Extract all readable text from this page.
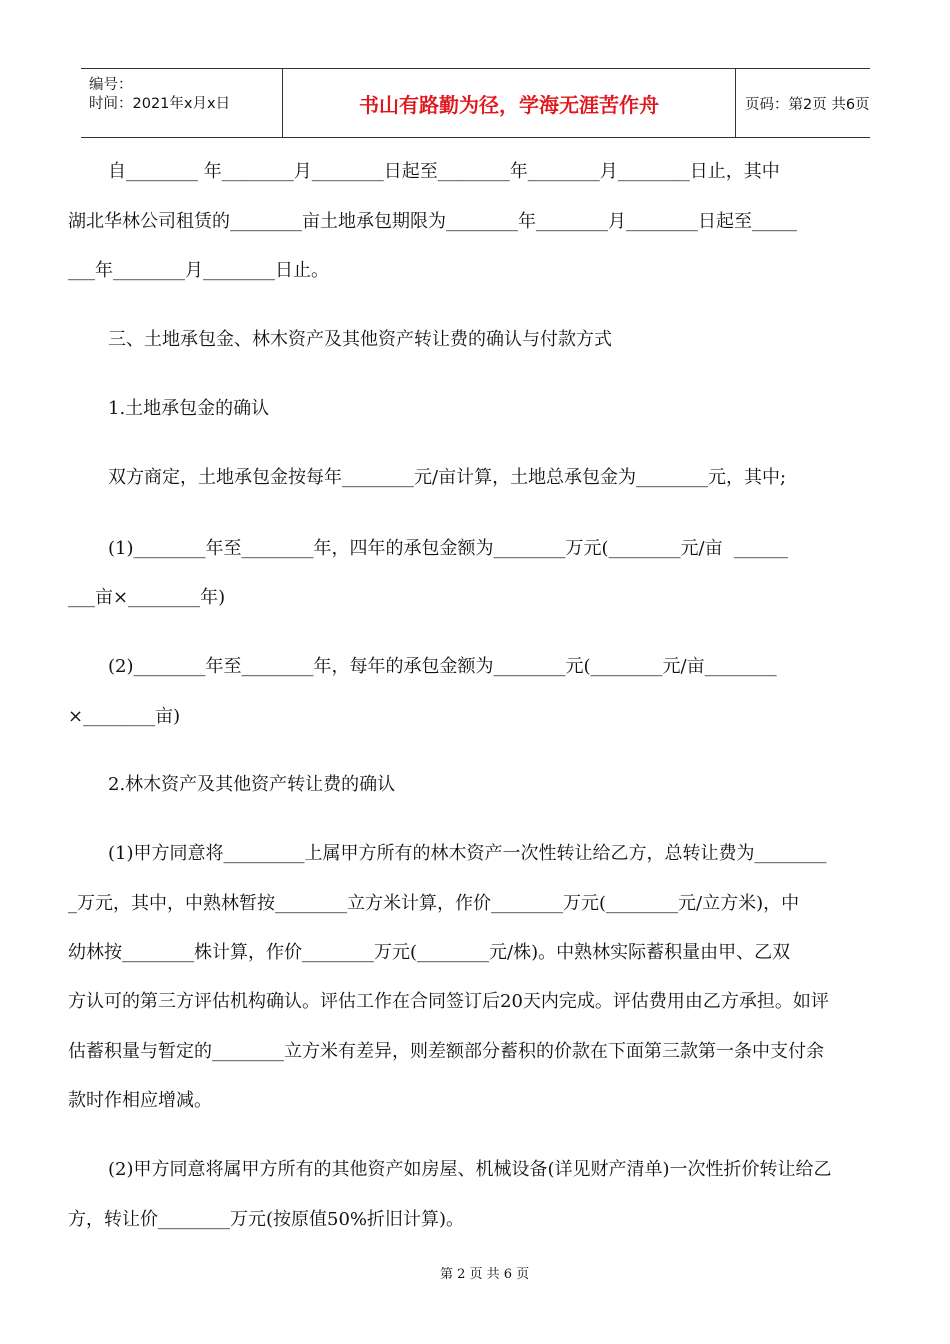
编号：
时间：2021年x月x日	书山有路勤为径，学海无涯苦作舟	页码：第2页 共6页
自________ 年________月________日起至________年________月________日止，其中
湖北华林公司租赁的________亩土地承包期限为________年________月________日起至_____
___年________月________日止。
三、土地承包金、林木资产及其他资产转让费的确认与付款方式
1.土地承包金的确认
双方商定，土地承包金按每年________元/亩计算，土地总承包金为________元，其中;
(1)________年至________年，四年的承包金额为________万元(________元/亩  ______
___亩×________年)
(2)________年至________年，每年的承包金额为________元(________元/亩________
×________亩)
2.林木资产及其他资产转让费的确认
(1)甲方同意将_________上属甲方所有的林木资产一次性转让给乙方，总转让费为________
_万元，其中，中熟林暂按________立方米计算，作价________万元(________元/立方米)，中
幼林按________株计算，作价________万元(________元/株)。中熟林实际蓄积量由甲、乙双
方认可的第三方评估机构确认。评估工作在合同签订后20天内完成。评估费用由乙方承担。如评
估蓄积量与暂定的________立方米有差异，则差额部分蓄积的价款在下面第三款第一条中支付余
款时作相应增减。
(2)甲方同意将属甲方所有的其他资产如房屋、机械设备(详见财产清单)一次性折价转让给乙
方，转让价________万元(按原值50%折旧计算)。
第 2 页 共 6 页
